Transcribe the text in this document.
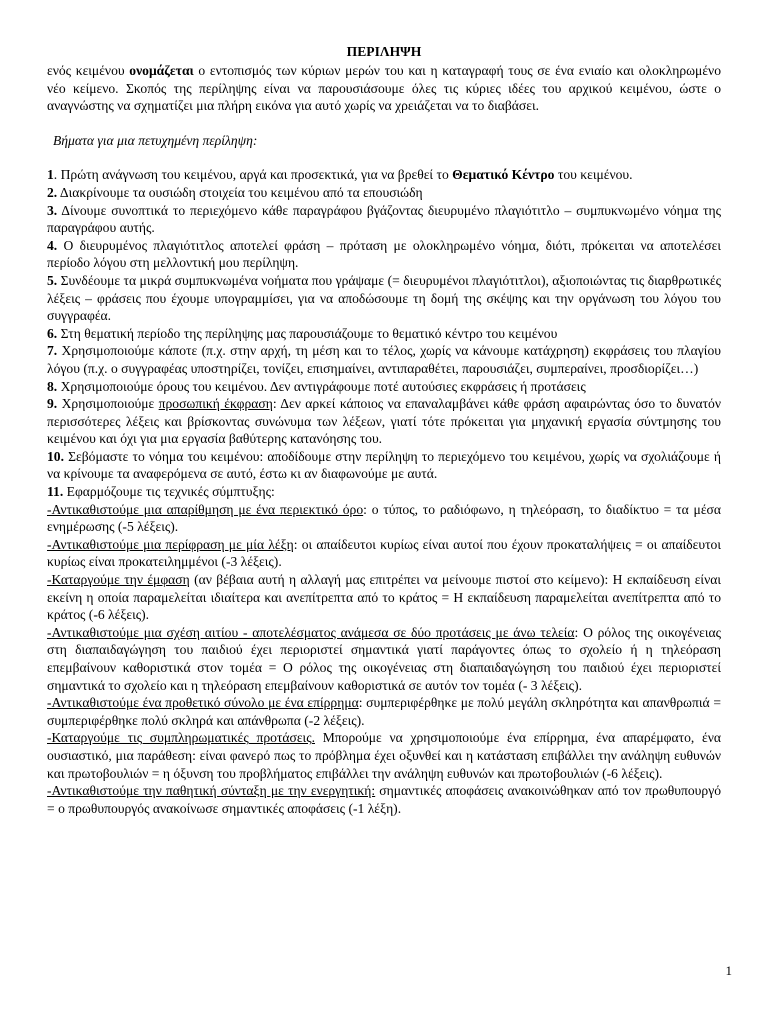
ΠΕΡΙΛΗΨΗ

ενός κειμένου ονομάζεται ο εντοπισμός των κύριων μερών του και η καταγραφή τους σε ένα ενιαίο και ολοκληρωμένο νέο κείμενο. Σκοπός της περίληψης είναι να παρουσιάσουμε όλες τις κύριες ιδέες του αρχικού κειμένου, ώστε ο αναγνώστης να σχηματίζει μια πλήρη εικόνα για αυτό χωρίς να χρειάζεται να το διαβάσει.

Βήματα για μια πετυχημένη περίληψη:

1. Πρώτη ανάγνωση του κειμένου, αργά και προσεκτικά, για να βρεθεί το Θεματικό Κέντρο του κειμένου.

2. Διακρίνουμε τα ουσιώδη στοιχεία του κειμένου από τα επουσιώδη

3. Δίνουμε συνοπτικά το περιεχόμενο κάθε παραγράφου βγάζοντας διευρυμένο πλαγιότιτλο – συμπυκνωμένο νόημα της παραγράφου αυτής.

4. Ο διευρυμένος πλαγιότιτλος αποτελεί φράση – πρόταση με ολοκληρωμένο νόημα, διότι, πρόκειται να αποτελέσει περίοδο λόγου στη μελλοντική μου περίληψη.

5. Συνδέουμε τα μικρά συμπυκνωμένα νοήματα που γράψαμε (= διευρυμένοι πλαγιότιτλοι), αξιοποιώντας τις διαρθρωτικές λέξεις – φράσεις που έχουμε υπογραμμίσει, για να αποδώσουμε τη δομή της σκέψης και την οργάνωση του λόγου του συγγραφέα.

6. Στη θεματική περίοδο της περίληψης μας παρουσιάζουμε το θεματικό κέντρο του κειμένου

7. Χρησιμοποιούμε κάποτε (π.χ. στην αρχή, τη μέση και το τέλος, χωρίς να κάνουμε κατάχρηση) εκφράσεις του πλαγίου λόγου (π.χ. ο συγγραφέας υποστηρίζει, τονίζει, επισημαίνει, αντιπαραθέτει, παρουσιάζει, συμπεραίνει, προσδιορίζει…)

8. Χρησιμοποιούμε όρους του κειμένου. Δεν αντιγράφουμε ποτέ αυτούσιες εκφράσεις ή προτάσεις

9. Χρησιμοποιούμε προσωπική έκφραση: Δεν αρκεί κάποιος να επαναλαμβάνει κάθε φράση αφαιρώντας όσο το δυνατόν περισσότερες λέξεις και βρίσκοντας συνώνυμα των λέξεων, γιατί τότε πρόκειται για μηχανική εργασία σύντμησης του κειμένου και όχι για μια εργασία βαθύτερης κατανόησης του.

10. Σεβόμαστε το νόημα του κειμένου: αποδίδουμε στην περίληψη το περιεχόμενο του κειμένου, χωρίς να σχολιάζουμε ή να κρίνουμε τα αναφερόμενα σε αυτό, έστω κι αν διαφωνούμε με αυτά.

11. Εφαρμόζουμε τις τεχνικές σύμπτυξης:

-Αντικαθιστούμε μια απαρίθμηση με ένα περιεκτικό όρο: ο τύπος, το ραδιόφωνο, η τηλεόραση, το διαδίκτυο = τα μέσα ενημέρωσης (-5 λέξεις).

-Αντικαθιστούμε μια περίφραση με μία λέξη: οι απαίδευτοι κυρίως είναι αυτοί που έχουν προκαταλήψεις = οι απαίδευτοι κυρίως είναι προκατειλημμένοι (-3 λέξεις).

-Καταργούμε την έμφαση (αν βέβαια αυτή η αλλαγή μας επιτρέπει να μείνουμε πιστοί στο κείμενο): Η εκπαίδευση είναι εκείνη η οποία παραμελείται ιδιαίτερα και ανεπίτρεπτα από το κράτος = Η εκπαίδευση παραμελείται ανεπίτρεπτα από το κράτος (-6 λέξεις).

-Αντικαθιστούμε μια σχέση αιτίου - αποτελέσματος ανάμεσα σε δύο προτάσεις με άνω τελεία: Ο ρόλος της οικογένειας στη διαπαιδαγώγηση του παιδιού έχει περιοριστεί σημαντικά γιατί παράγοντες όπως το σχολείο ή η τηλεόραση επεμβαίνουν καθοριστικά στον τομέα = Ο ρόλος της οικογένειας στη διαπαιδαγώγηση του παιδιού έχει περιοριστεί σημαντικά το σχολείο και η τηλεόραση επεμβαίνουν καθοριστικά σε αυτόν τον τομέα (- 3 λέξεις).

-Αντικαθιστούμε ένα προθετικό σύνολο με ένα επίρρημα: συμπεριφέρθηκε με πολύ μεγάλη σκληρότητα και απανθρωπιά = συμπεριφέρθηκε πολύ σκληρά και απάνθρωπα (-2 λέξεις).

-Καταργούμε τις συμπληρωματικές προτάσεις. Μπορούμε να χρησιμοποιούμε ένα επίρρημα, ένα απαρέμφατο, ένα ουσιαστικό, μια παράθεση: είναι φανερό πως το πρόβλημα έχει οξυνθεί και η κατάσταση επιβάλλει την ανάληψη ευθυνών και πρωτοβουλιών = η όξυνση του προβλήματος επιβάλλει την ανάληψη ευθυνών και πρωτοβουλιών (-6 λέξεις).

-Αντικαθιστούμε την παθητική σύνταξη με την ενεργητική: σημαντικές αποφάσεις ανακοινώθηκαν από τον πρωθυπουργό = ο πρωθυπουργός ανακοίνωσε σημαντικές αποφάσεις (-1 λέξη).

1
